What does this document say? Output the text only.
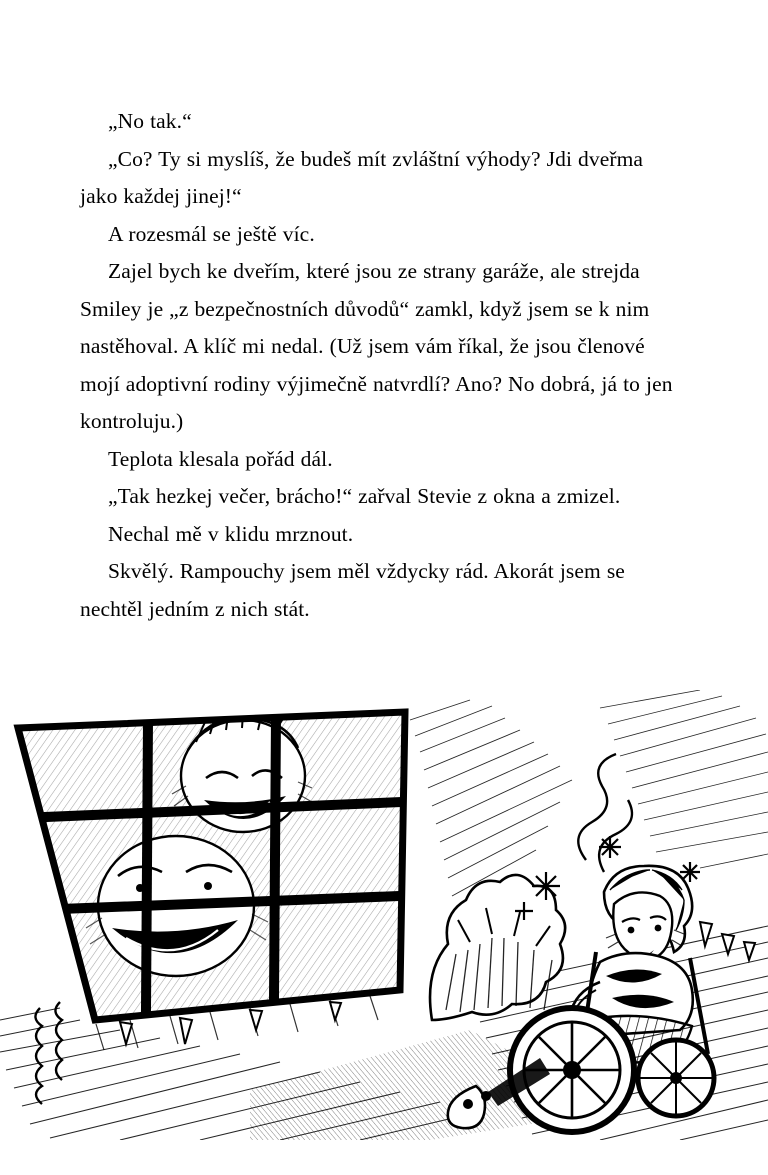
„No tak.“

„Co? Ty si myslíš, že budeš mít zvláštní výhody? Jdi dveřma jako každej jinej!“

A rozesmál se ještě víc.

Zajel bych ke dveřím, které jsou ze strany garáže, ale strejda Smiley je „z bezpečnostních důvodů“ zamkl, když jsem se k nim nastěhoval. A klíč mi nedal. (Už jsem vám říkal, že jsou členové mojí adoptivní rodiny výjimečně natvrdlí? Ano? No dobrá, já to jen kontroluju.)

Teplota klesala pořád dál.

„Tak hezkej večer, brácho!“ zařval Stevie z okna a zmizel.

Nechal mě v klidu mrznout.

Skvělý. Rampouchy jsem měl vždycky rád. Akorát jsem se nechtěl jedním z nich stát.
